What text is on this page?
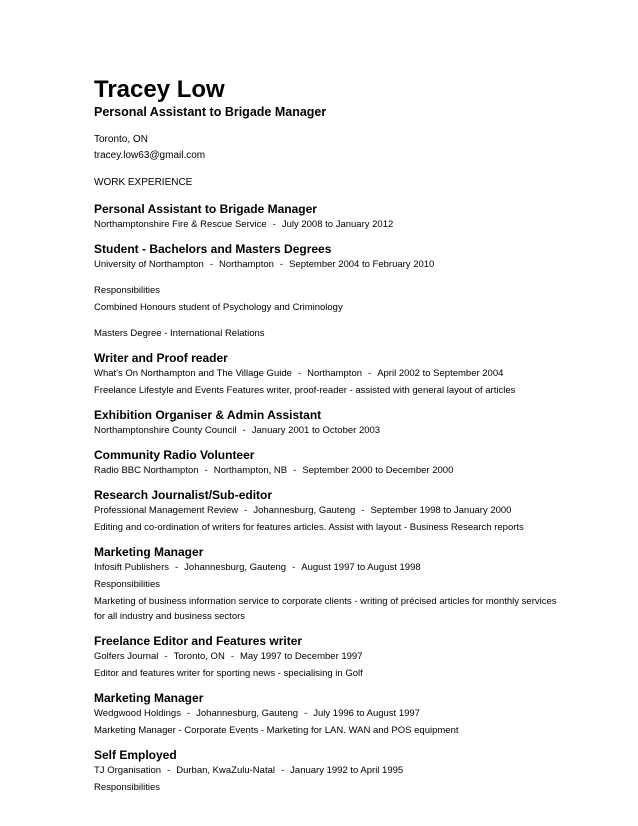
Tracey Low

Personal Assistant to Brigade Manager

Toronto, ON

tracey.low63@gmail.com

WORK EXPERIENCE

Personal Assistant to Brigade Manager
Northamptonshire Fire & Rescue Service - July 2008 to January 2012
Student - Bachelors and Masters Degrees
University of Northampton - Northampton - September 2004 to February 2010

Responsibilities

Combined Honours student of Psychology and Criminology

Masters Degree - International Relations

Writer and Proof reader
What's On Northampton and The Village Guide - Northampton - April 2002 to September 2004

Freelance Lifestyle and Events Features writer, proof-reader - assisted with general layout of articles

Exhibition Organiser & Admin Assistant
Northamptonshire County Council - January 2001 to October 2003
Community Radio Volunteer
Radio BBC Northampton - Northampton, NB - September 2000 to December 2000
Research Journalist/Sub-editor
Professional Management Review - Johannesburg, Gauteng - September 1998 to January 2000

Editing and co-ordination of writers for features articles. Assist with layout - Business Research reports

Marketing Manager
Infosift Publishers - Johannesburg, Gauteng - August 1997 to August 1998

Responsibilities

Marketing of business information service to corporate clients - writing of précised articles for monthly services for all industry and business sectors

Freelance Editor and Features writer
Golfers Journal - Toronto, ON - May 1997 to December 1997

Editor and features writer for sporting news - specialising in Golf

Marketing Manager
Wedgwood Holdings - Johannesburg, Gauteng - July 1996 to August 1997

Marketing Manager - Corporate Events - Marketing for LAN. WAN and POS equipment

Self Employed
TJ Organisation - Durban, KwaZulu-Natal - January 1992 to April 1995

Responsibilities
